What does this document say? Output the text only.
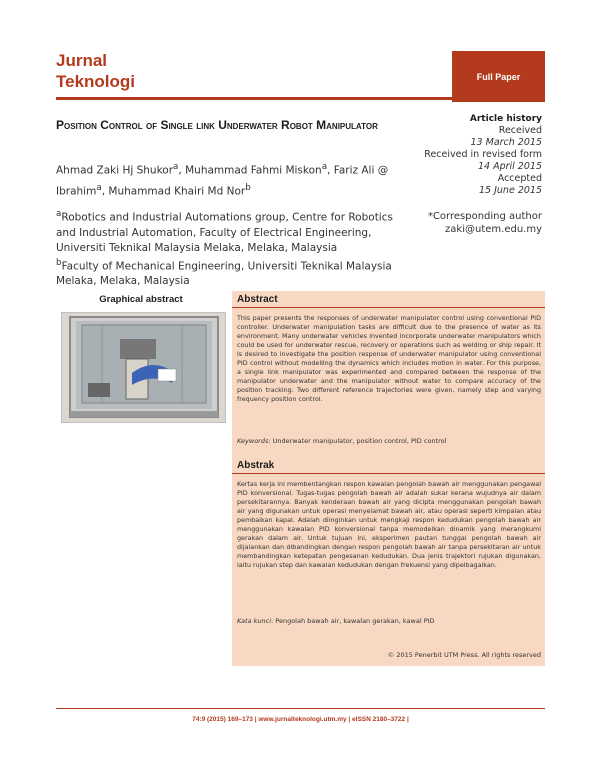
Jurnal
Teknologi	Full Paper
Position Control of Single link Underwater Robot Manipulator
Ahmad Zaki Hj Shukor$^a$, Muhammad Fahmi Miskon$^a$, Fariz Ali @ Ibrahim$^a$, Muhammad Khairi Md Nor$^b$
$^a$Robotics and Industrial Automations group, Centre for Robotics and Industrial Automation, Faculty of Electrical Engineering, Universiti Teknikal Malaysia Melaka, Melaka, Malaysia
$^b$Faculty of Mechanical Engineering, Universiti Teknikal Malaysia Melaka, Melaka, Malaysia
Article history
Received
13 March 2015
Received in revised form
14 April 2015
Accepted
15 June 2015
*Corresponding author
zaki@utem.edu.my
Graphical abstract	Abstract
This paper presents the responses of underwater manipulator control using conventional PID controller. Underwater manipulation tasks are difficult due to the presence of water as its environment. Many underwater vehicles invented incorporate underwater manipulators which could be used for underwater rescue, recovery or operations such as welding or ship repair. It is desired to investigate the position response of underwater manipulator using conventional PID control without modelling the dynamics which includes motion in water. For this purpose, a single link manipulator was experimented and compared between the response of the manipulator underwater and the manipulator without water to compare accuracy of the position tracking. Two different reference trajectories were given, namely step and varying frequency position control.
Keywords: Underwater manipulator, position control, PID control
Abstrak
Kertas kerja ini membentangkan respon kawalan pengolah bawah air menggunakan pengawal PID konversional. Tugas-tugas pengolah bawah air adalah sukar kerana wujudnya air dalam persekitarannya. Banyak kenderaan bawah air yang dicipta menggunakan pengolah bawah air yang digunakan untuk operasi menyelamat bawah air, atau operasi seperti kimpalan atau pembaikan kapal. Adalah diinginkan untuk mengkaji respon kedudukan pengolah bawah air menggunakan kawalan PID konversional tanpa memodelkan dinamik yang merangkumi gerakan dalam air. Untuk tujuan ini, eksperimen pautan tunggal pengolah bawah air dijalankan dan dibandingkan dengan respon pengolah bawah air tanpa persekitaran air untuk membandingkan ketepatan pengesanan kedudukan. Dua jenis trajektori rujukan digunakan, iaitu rujukan step dan kawalan kedudukan dengan frekuensi yang dipelbagaikan.
Kata kunci: Pengolah bawah air, kawalan gerakan, kawal PID
© 2015 Penerbit UTM Press. All rights reserved
74:9 (2015) 169–173 | www.jurnalteknologi.utm.my | eISSN 2180–3722 |
